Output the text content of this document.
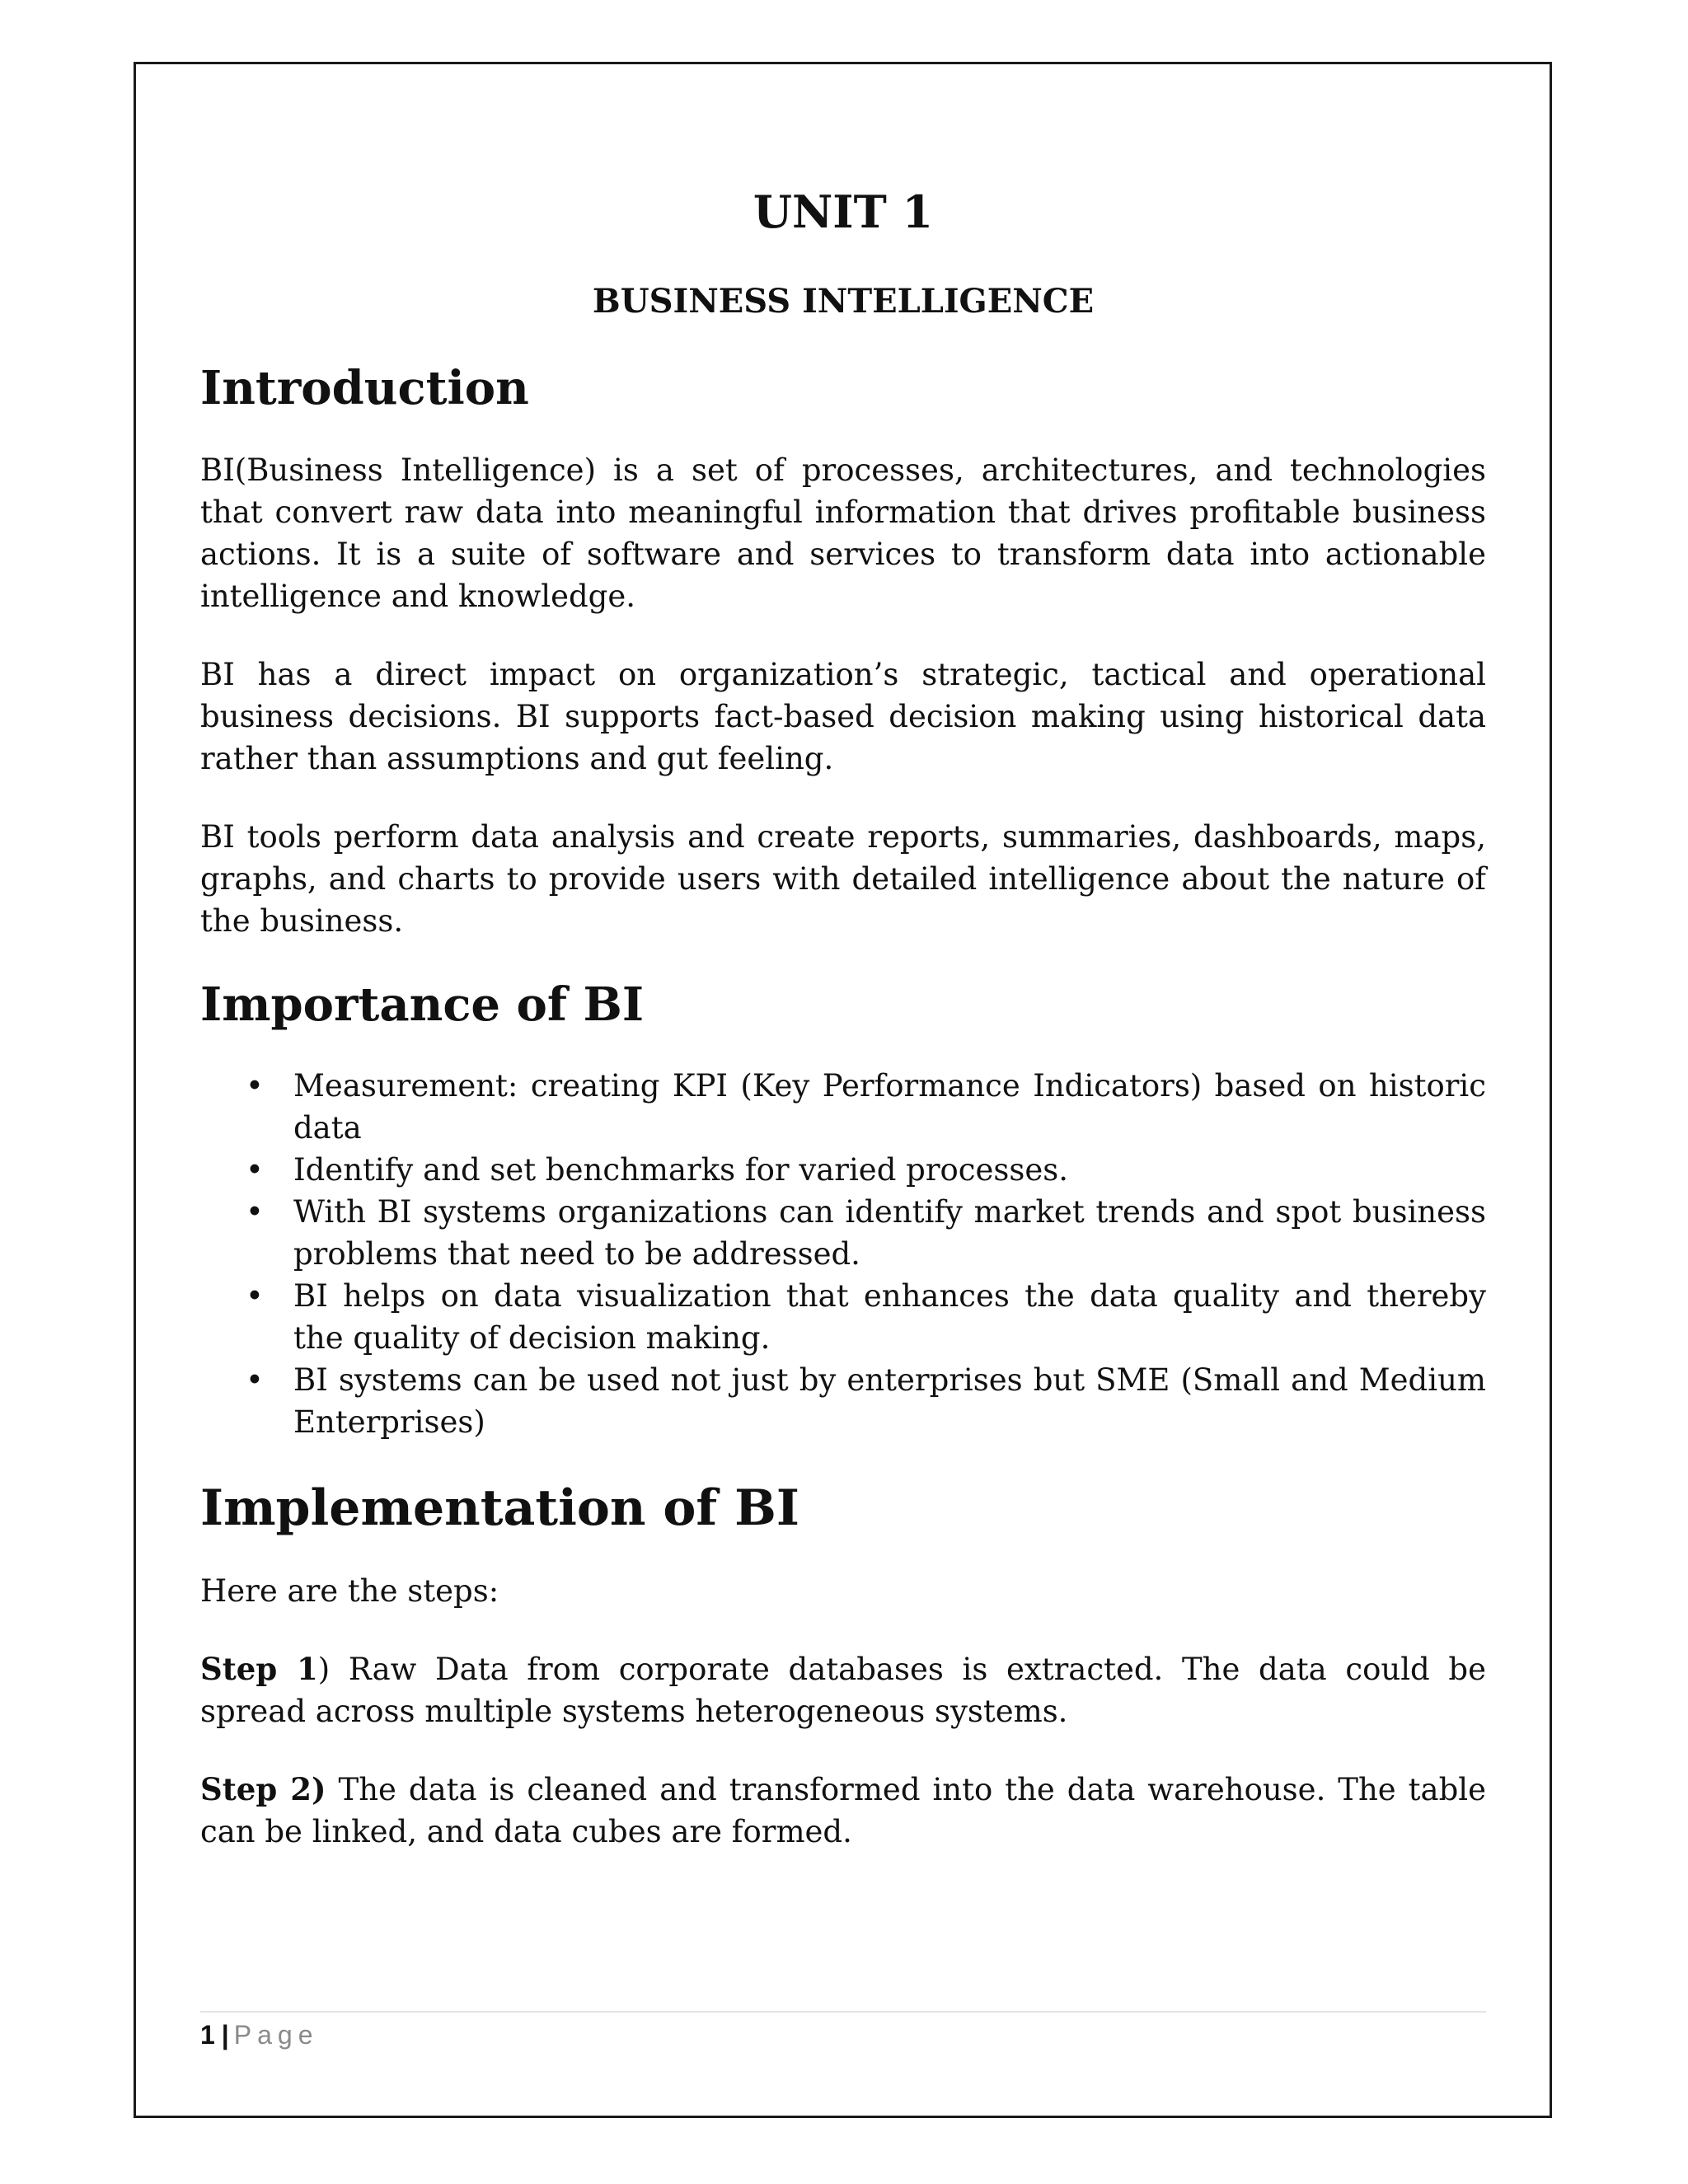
UNIT 1
BUSINESS INTELLIGENCE
Introduction

BI(Business Intelligence) is a set of processes, architectures, and technologies that convert raw data into meaningful information that drives profitable business actions. It is a suite of software and services to transform data into actionable intelligence and knowledge.

BI has a direct impact on organization’s strategic, tactical and operational business decisions. BI supports fact-based decision making using historical data rather than assumptions and gut feeling.

BI tools perform data analysis and create reports, summaries, dashboards, maps, graphs, and charts to provide users with detailed intelligence about the nature of the business.

Importance of BI
• Measurement: creating KPI (Key Performance Indicators) based on historic data
• Identify and set benchmarks for varied processes.
• With BI systems organizations can identify market trends and spot business problems that need to be addressed.
• BI helps on data visualization that enhances the data quality and thereby the quality of decision making.
• BI systems can be used not just by enterprises but SME (Small and Medium Enterprises)
Implementation of BI

Here are the steps:

Step 1) Raw Data from corporate databases is extracted. The data could be spread across multiple systems heterogeneous systems.

Step 2) The data is cleaned and transformed into the data warehouse. The table can be linked, and data cubes are formed.

1 | Page
